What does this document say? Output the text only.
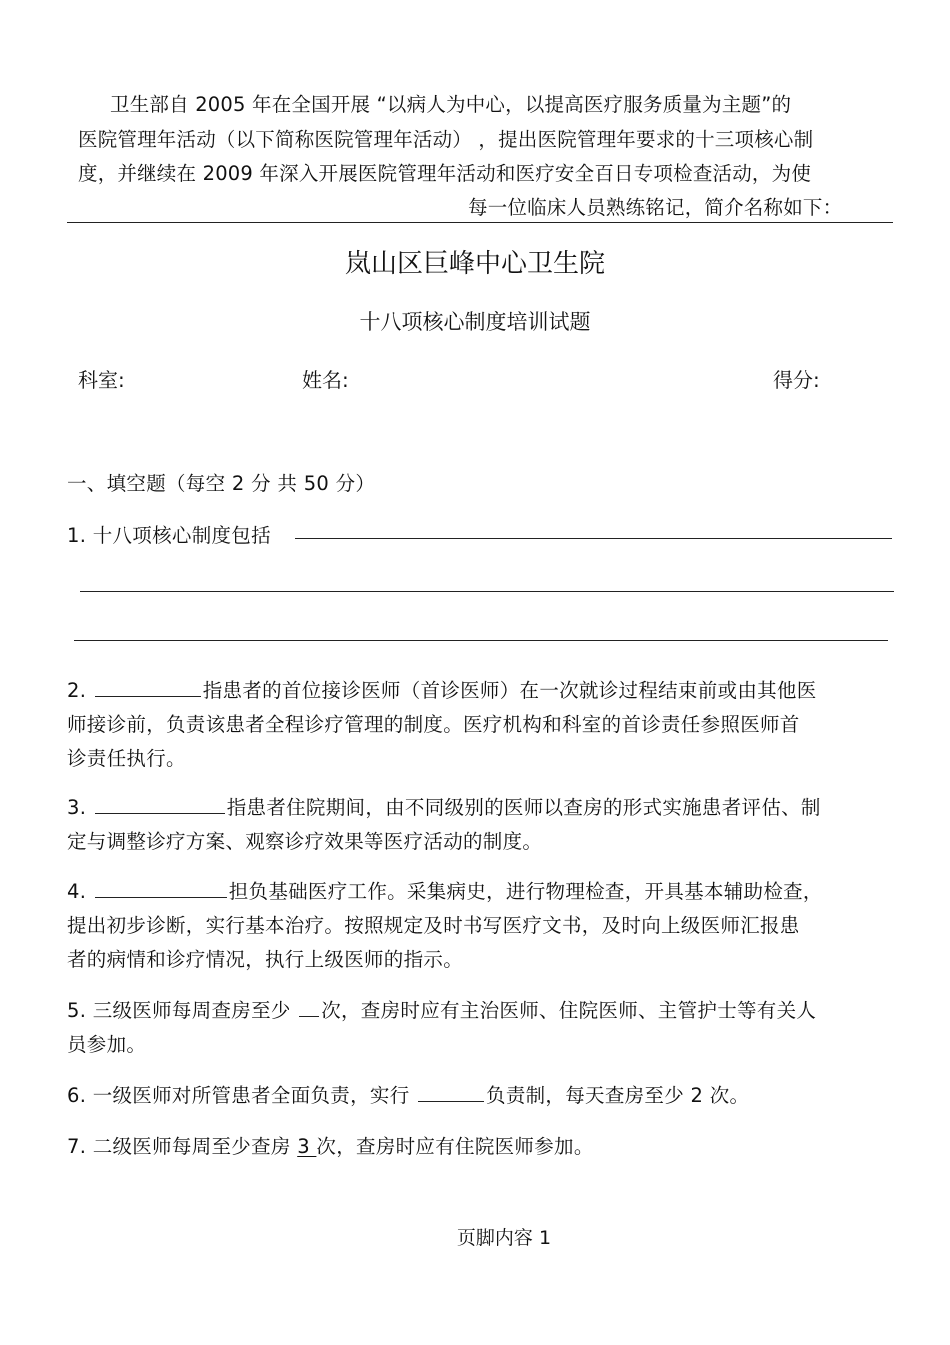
卫生部自 2005 年在全国开展 “以病人为中心，以提高医疗服务质量为主题”的
医院管理年活动（以下简称医院管理年活动） ，提出医院管理年要求的十三项核心制
度，并继续在 2009 年深入开展医院管理年活动和医疗安全百日专项检查活动，为使
每一位临床人员熟练铭记，简介名称如下：
岚山区巨峰中心卫生院
十八项核心制度培训试题
科室:	姓名:	得分:
一、填空题（每空 2 分 共 50 分）
1. 十八项核心制度包括
2.	指患者的首位接诊医师（首诊医师）在一次就诊过程结束前或由其他医
师接诊前，负责该患者全程诊疗管理的制度。医疗机构和科室的首诊责任参照医师首
诊责任执行。
3.	指患者住院期间，由不同级别的医师以查房的形式实施患者评估、制
定与调整诊疗方案、观察诊疗效果等医疗活动的制度。
4.	担负基础医疗工作。采集病史，进行物理检查，开具基本辅助检查，
提出初步诊断，实行基本治疗。按照规定及时书写医疗文书，及时向上级医师汇报患
者的病情和诊疗情况，执行上级医师的指示。
5. 三级医师每周查房至少 次，查房时应有主治医师、住院医师、主管护士等有关人
员参加。
6. 一级医师对所管患者全面负责，实行	负责制，每天查房至少 2 次。
7. 二级医师每周至少查房 3 次，查房时应有住院医师参加。
页脚内容 1
